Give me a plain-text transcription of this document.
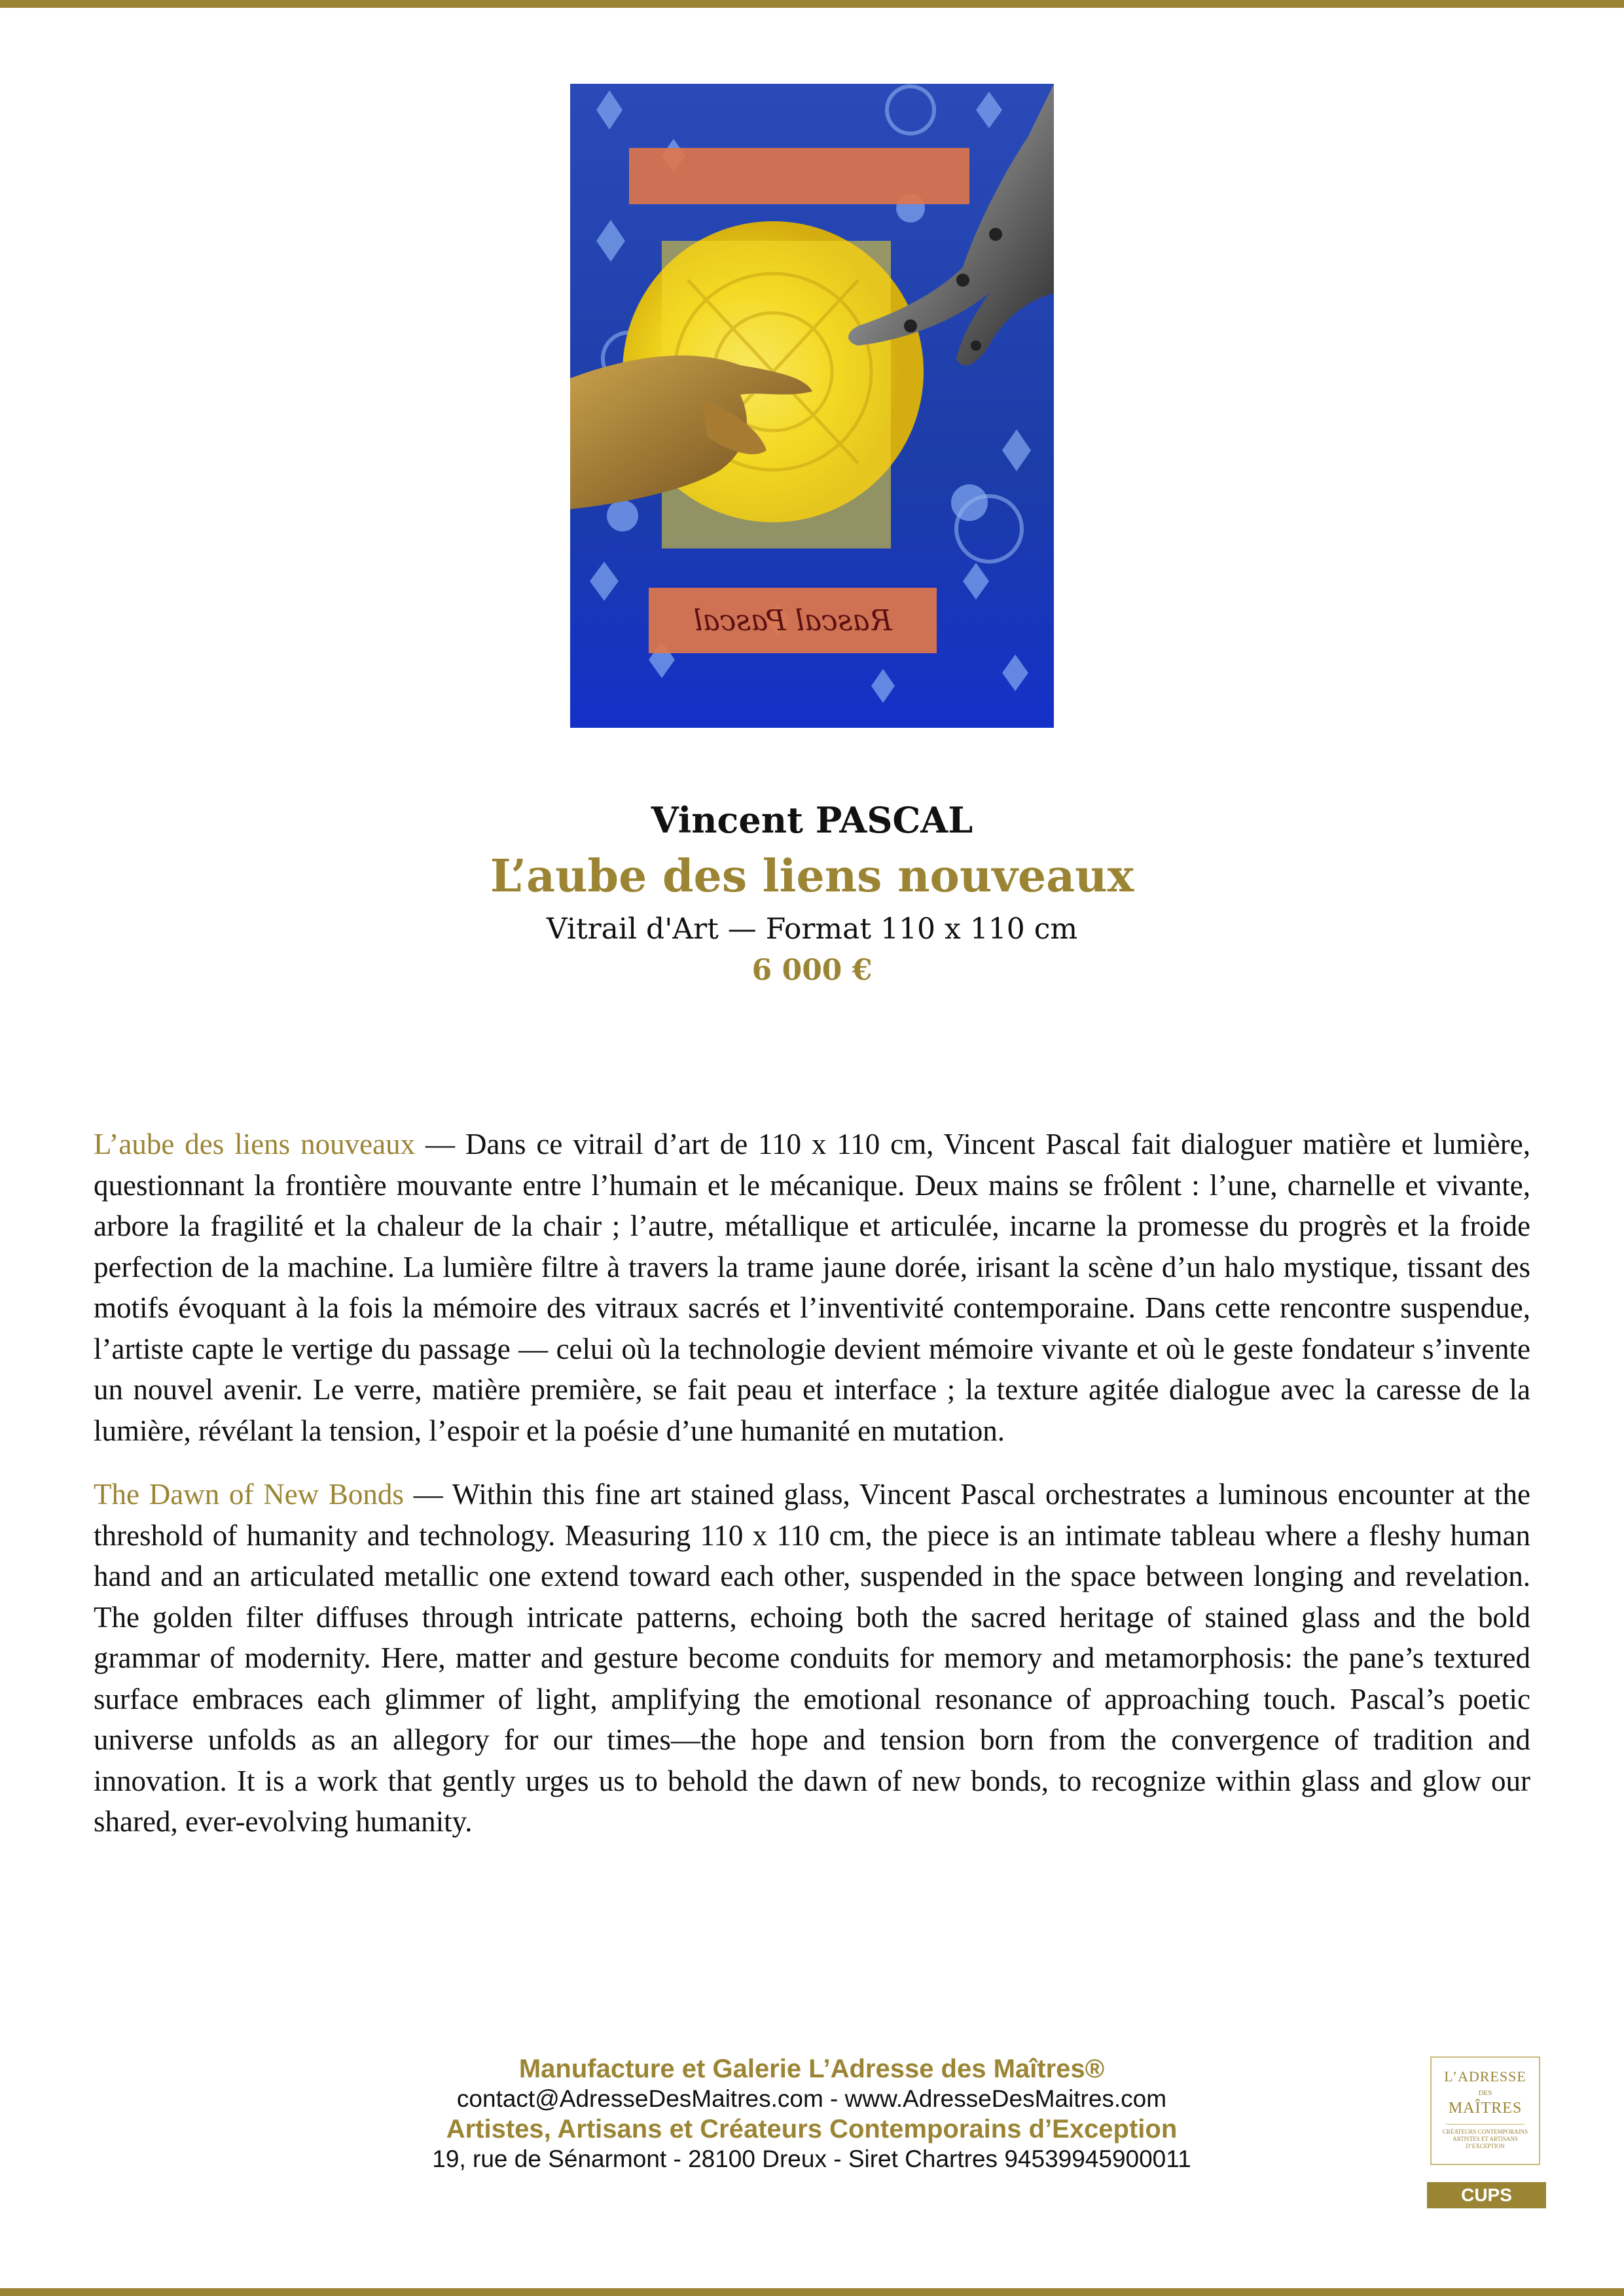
Rascal Pascal
Vincent PASCAL
L’aube des liens nouveaux
Vitrail d'Art — Format 110 x 110 cm
6 000 €
L’aube des liens nouveaux — Dans ce vitrail d’art de 110 x 110 cm, Vincent Pascal fait dialoguer matière et lumière, questionnant la frontière mouvante entre l’humain et le mécanique. Deux mains se frôlent : l’une, charnelle et vivante, arbore la fragilité et la chaleur de la chair ; l’autre, métallique et articulée, incarne la promesse du progrès et la froide perfection de la machine. La lumière filtre à travers la trame jaune dorée, irisant la scène d’un halo mystique, tissant des motifs évoquant à la fois la mémoire des vitraux sacrés et l’inventivité contemporaine. Dans cette rencontre suspendue, l’artiste capte le vertige du passage — celui où la technologie devient mémoire vivante et où le geste fondateur s’invente un nouvel avenir. Le verre, matière première, se fait peau et interface ; la texture agitée dialogue avec la caresse de la lumière, révélant la tension, l’espoir et la poésie d’une humanité en mutation.
The Dawn of New Bonds — Within this fine art stained glass, Vincent Pascal orchestrates a luminous encounter at the threshold of humanity and technology. Measuring 110 x 110 cm, the piece is an intimate tableau where a fleshy human hand and an articulated metallic one extend toward each other, suspended in the space between longing and revelation. The golden filter diffuses through intricate patterns, echoing both the sacred heritage of stained glass and the bold grammar of modernity. Here, matter and gesture become conduits for memory and metamorphosis: the pane’s textured surface embraces each glimmer of light, amplifying the emotional resonance of approaching touch. Pascal’s poetic universe unfolds as an allegory for our times—the hope and tension born from the convergence of tradition and innovation. It is a work that gently urges us to behold the dawn of new bonds, to recognize within glass and glow our shared, ever-evolving humanity.
Manufacture et Galerie L’Adresse des Maîtres®
contact@AdresseDesMaitres.com - www.AdresseDesMaitres.com
Artistes, Artisans et Créateurs Contemporains d’Exception
19, rue de Sénarmont - 28100 Dreux - Siret Chartres 94539945900011
L’ADRESSE
DES
MAÎTRES
CRÉATEURS CONTEMPORAINS ARTISTES ET ARTISANS D’EXCEPTION
CUPS
